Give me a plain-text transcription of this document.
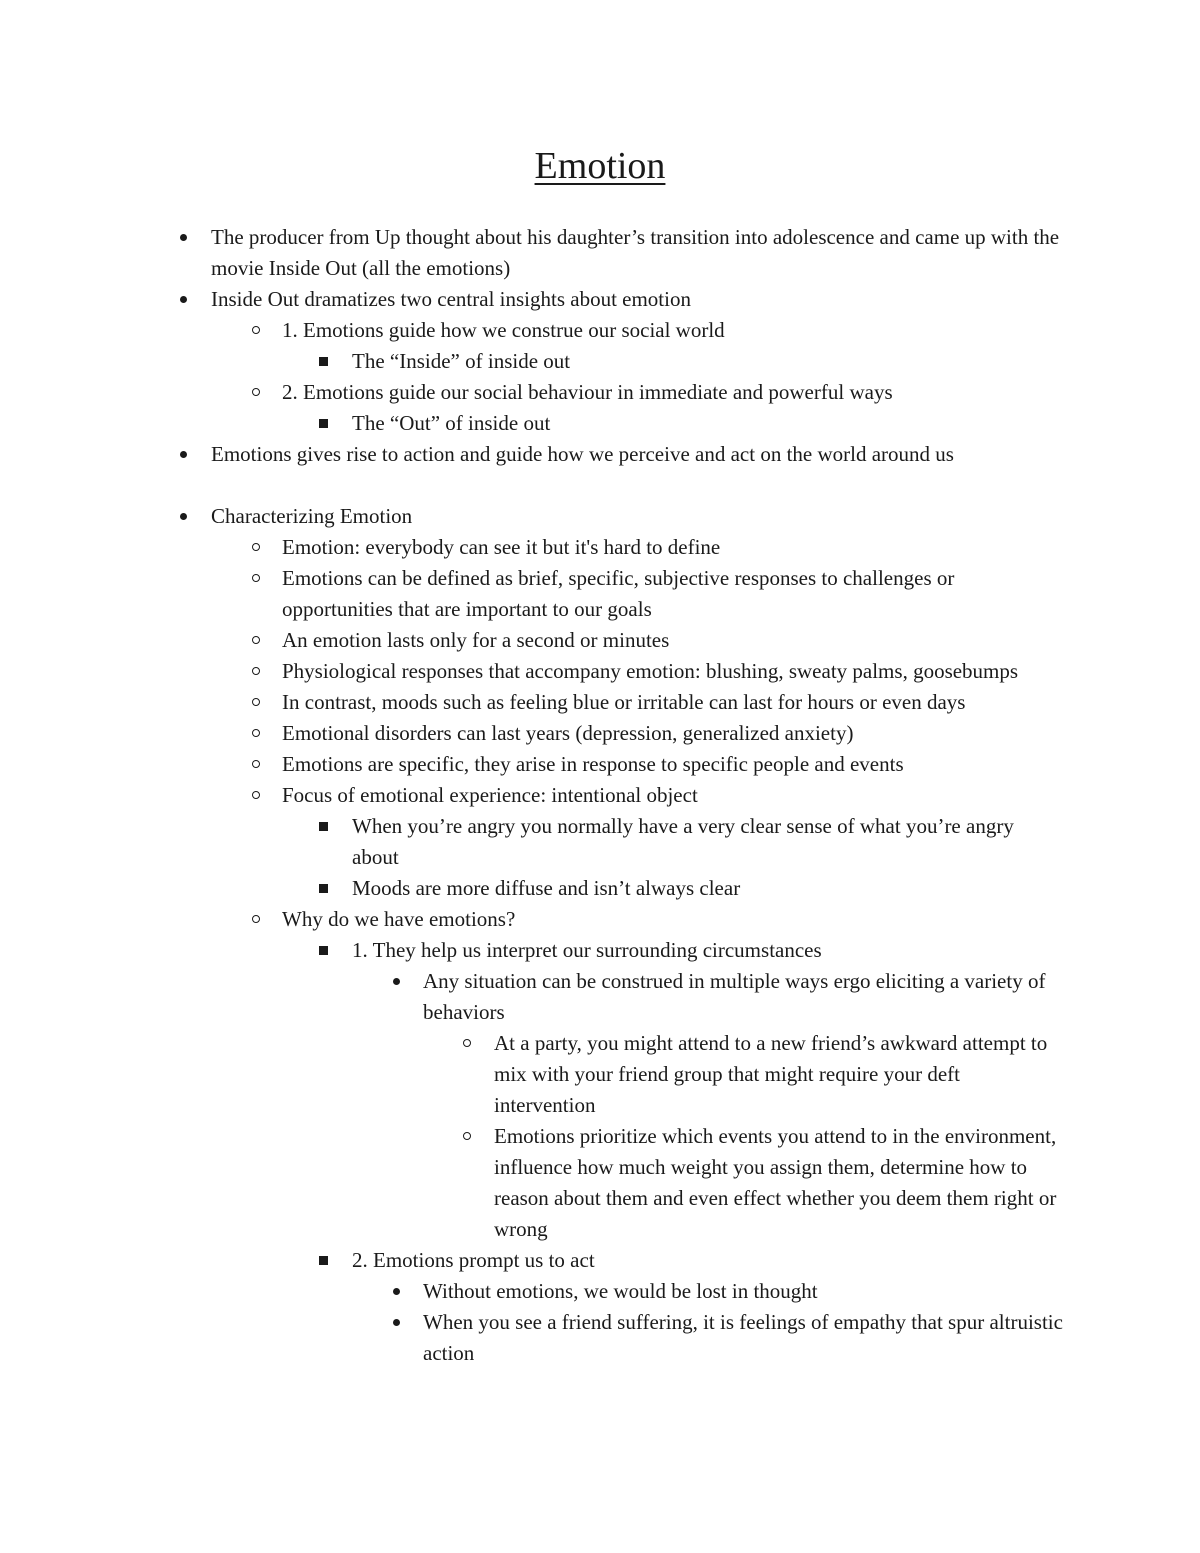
Emotion
The producer from Up thought about his daughter’s transition into adolescence and came up with the movie Inside Out (all the emotions)
Inside Out dramatizes two central insights about emotion
1. Emotions guide how we construe our social world
The “Inside” of inside out
2. Emotions guide our social behaviour in immediate and powerful ways
The “Out” of inside out
Emotions gives rise to action and guide how we perceive and act on the world around us
Characterizing Emotion
Emotion: everybody can see it but it's hard to define
Emotions can be defined as brief, specific, subjective responses to challenges or opportunities that are important to our goals
An emotion lasts only for a second or minutes
Physiological responses that accompany emotion: blushing, sweaty palms, goosebumps
In contrast, moods such as feeling blue or irritable can last for hours or even days
Emotional disorders can last years (depression, generalized anxiety)
Emotions are specific, they arise in response to specific people and events
Focus of emotional experience: intentional object
When you’re angry you normally have a very clear sense of what you’re angry about
Moods are more diffuse and isn’t always clear
Why do we have emotions?
1. They help us interpret our surrounding circumstances
Any situation can be construed in multiple ways ergo eliciting a variety of behaviors
At a party, you might attend to a new friend’s awkward attempt to mix with your friend group that might require your deft intervention
Emotions prioritize which events you attend to in the environment, influence how much weight you assign them, determine how to reason about them and even effect whether you deem them right or wrong
2. Emotions prompt us to act
Without emotions, we would be lost in thought
When you see a friend suffering, it is feelings of empathy that spur altruistic action
